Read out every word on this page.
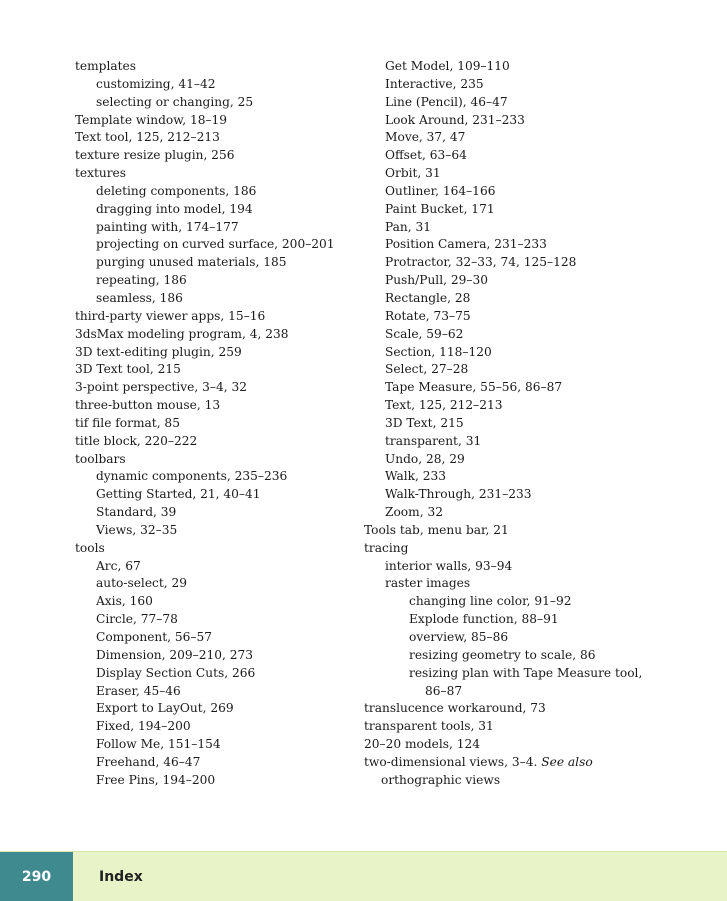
templates
customizing, 41–42
selecting or changing, 25
Template window, 18–19
Text tool, 125, 212–213
texture resize plugin, 256
textures
deleting components, 186
dragging into model, 194
painting with, 174–177
projecting on curved surface, 200–201
purging unused materials, 185
repeating, 186
seamless, 186
third-party viewer apps, 15–16
3dsMax modeling program, 4, 238
3D text-editing plugin, 259
3D Text tool, 215
3-point perspective, 3–4, 32
three-button mouse, 13
tif file format, 85
title block, 220–222
toolbars
dynamic components, 235–236
Getting Started, 21, 40–41
Standard, 39
Views, 32–35
tools
Arc, 67
auto-select, 29
Axis, 160
Circle, 77–78
Component, 56–57
Dimension, 209–210, 273
Display Section Cuts, 266
Eraser, 45–46
Export to LayOut, 269
Fixed, 194–200
Follow Me, 151–154
Freehand, 46–47
Free Pins, 194–200
Get Model, 109–110
Interactive, 235
Line (Pencil), 46–47
Look Around, 231–233
Move, 37, 47
Offset, 63–64
Orbit, 31
Outliner, 164–166
Paint Bucket, 171
Pan, 31
Position Camera, 231–233
Protractor, 32–33, 74, 125–128
Push/Pull, 29–30
Rectangle, 28
Rotate, 73–75
Scale, 59–62
Section, 118–120
Select, 27–28
Tape Measure, 55–56, 86–87
Text, 125, 212–213
3D Text, 215
transparent, 31
Undo, 28, 29
Walk, 233
Walk-Through, 231–233
Zoom, 32
Tools tab, menu bar, 21
tracing
interior walls, 93–94
raster images
changing line color, 91–92
Explode function, 88–91
overview, 85–86
resizing geometry to scale, 86
resizing plan with Tape Measure tool,
86–87
translucence workaround, 73
transparent tools, 31
20–20 models, 124
two-dimensional views, 3–4. See also
orthographic views
290	Index
